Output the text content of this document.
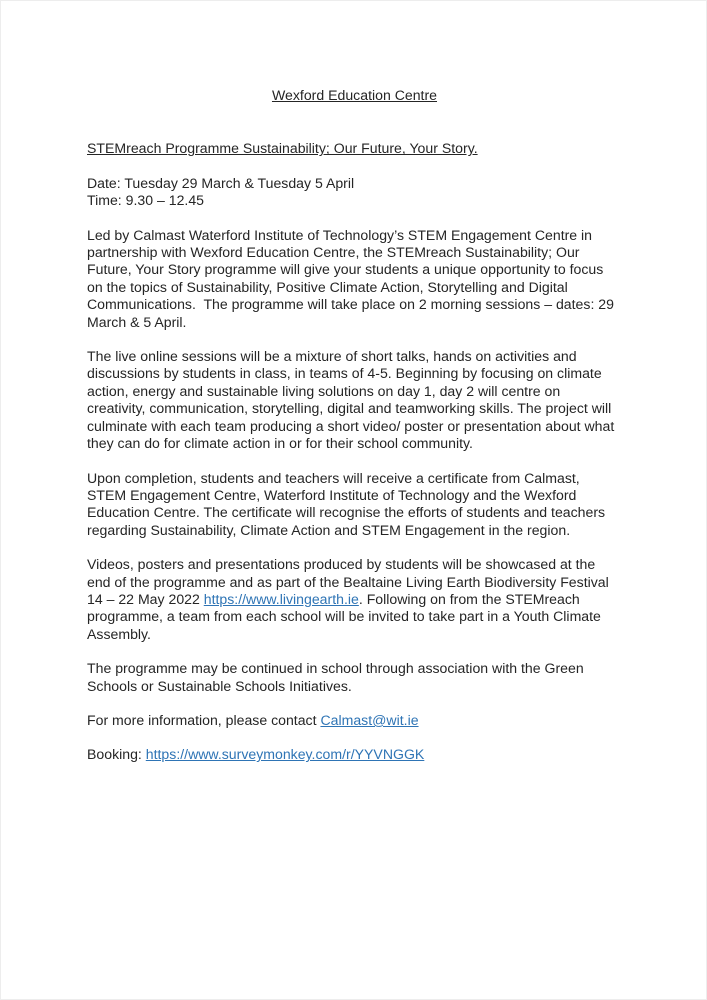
Wexford Education Centre
STEMreach Programme Sustainability; Our Future, Your Story.
Date: Tuesday 29 March & Tuesday 5 April
Time: 9.30 – 12.45

Led by Calmast Waterford Institute of Technology’s STEM Engagement Centre in partnership with Wexford Education Centre, the STEMreach Sustainability; Our Future, Your Story programme will give your students a unique opportunity to focus on the topics of Sustainability, Positive Climate Action, Storytelling and Digital Communications.  The programme will take place on 2 morning sessions – dates: 29 March & 5 April.

The live online sessions will be a mixture of short talks, hands on activities and discussions by students in class, in teams of 4-5. Beginning by focusing on climate action, energy and sustainable living solutions on day 1, day 2 will centre on creativity, communication, storytelling, digital and teamworking skills. The project will culminate with each team producing a short video/ poster or presentation about what they can do for climate action in or for their school community.

Upon completion, students and teachers will receive a certificate from Calmast, STEM Engagement Centre, Waterford Institute of Technology and the Wexford Education Centre. The certificate will recognise the efforts of students and teachers regarding Sustainability, Climate Action and STEM Engagement in the region.

Videos, posters and presentations produced by students will be showcased at the end of the programme and as part of the Bealtaine Living Earth Biodiversity Festival 14 – 22 May 2022 https://www.livingearth.ie. Following on from the STEMreach programme, a team from each school will be invited to take part in a Youth Climate Assembly.

The programme may be continued in school through association with the Green Schools or Sustainable Schools Initiatives.

For more information, please contact Calmast@wit.ie

Booking: https://www.surveymonkey.com/r/YYVNGGK
